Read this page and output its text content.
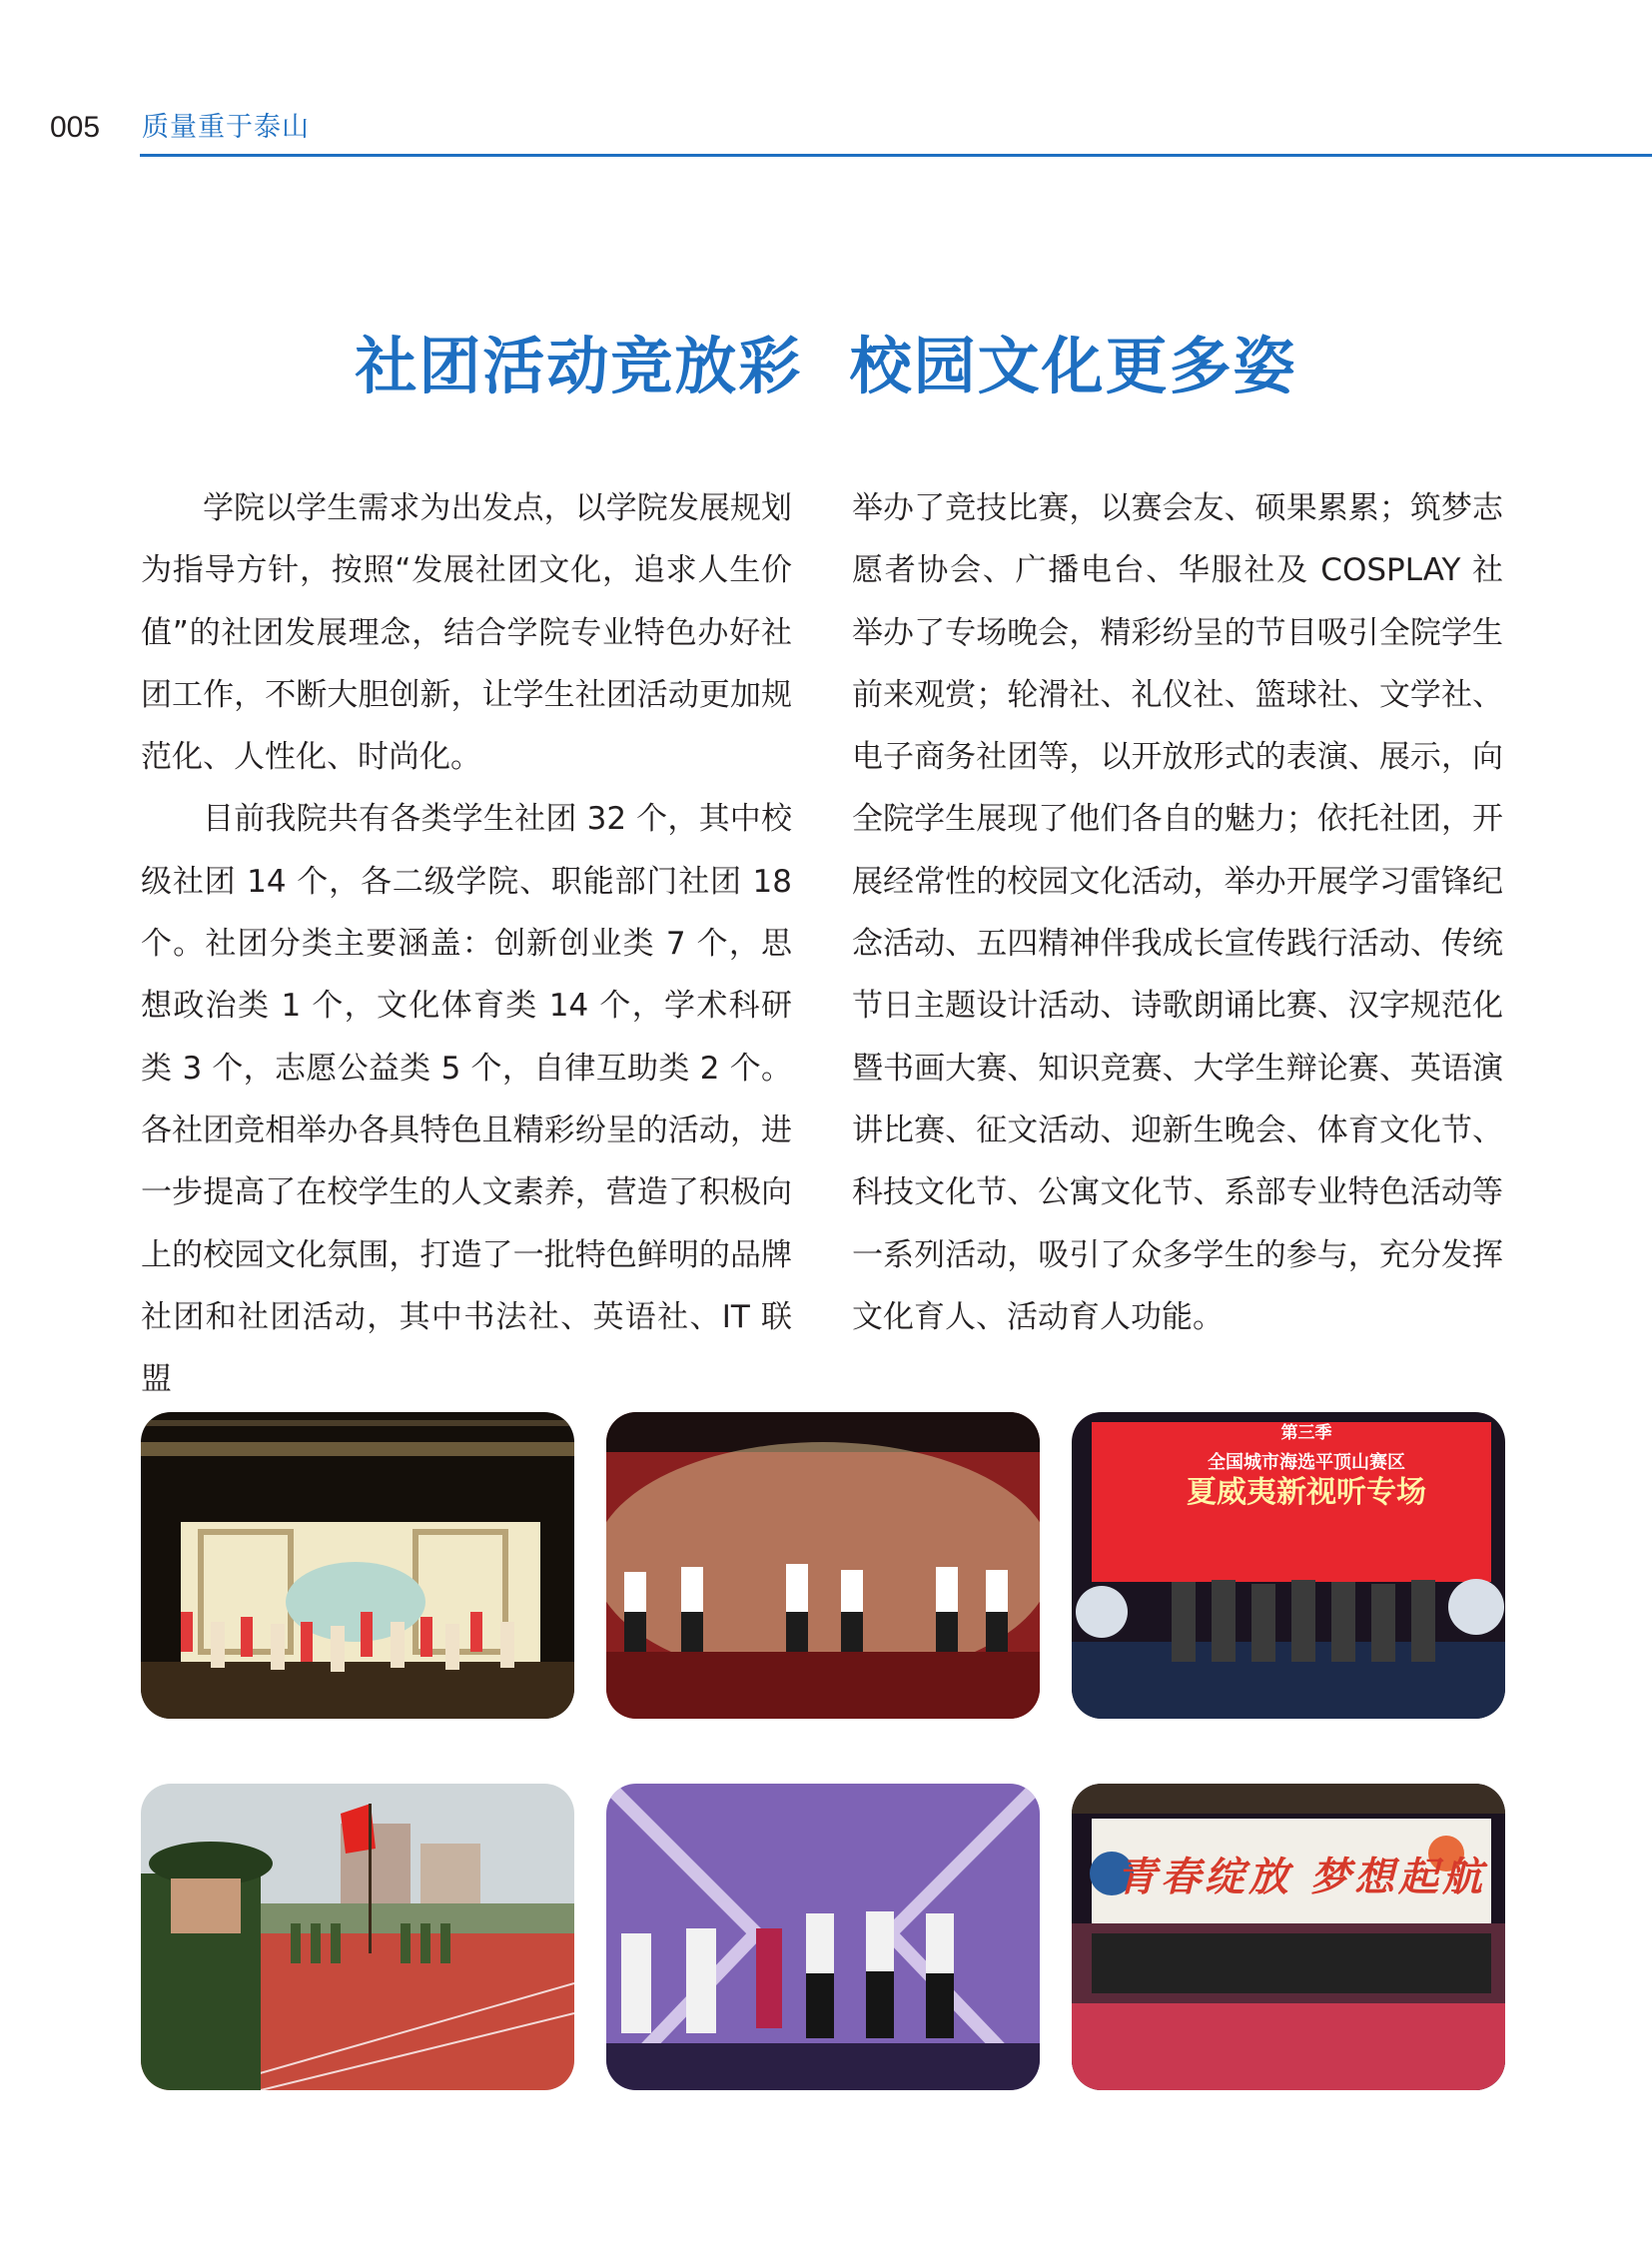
005 质量重于泰山
社团活动竞放彩  校园文化更多姿

学院以学生需求为出发点，以学院发展规划为指导方针，按照“发展社团文化，追求人生价值”的社团发展理念，结合学院专业特色办好社团工作，不断大胆创新，让学生社团活动更加规范化、人性化、时尚化。

目前我院共有各类学生社团 32 个，其中校级社团 14 个，各二级学院、职能部门社团 18 个。社团分类主要涵盖：创新创业类 7 个，思想政治类 1 个，文化体育类 14 个，学术科研类 3 个，志愿公益类 5 个，自律互助类 2 个。各社团竞相举办各具特色且精彩纷呈的活动，进一步提高了在校学生的人文素养，营造了积极向上的校园文化氛围，打造了一批特色鲜明的品牌社团和社团活动，其中书法社、英语社、IT 联盟

举办了竞技比赛，以赛会友、硕果累累；筑梦志愿者协会、广播电台、华服社及 COSPLAY 社举办了专场晚会，精彩纷呈的节目吸引全院学生前来观赏；轮滑社、礼仪社、篮球社、文学社、电子商务社团等，以开放形式的表演、展示，向全院学生展现了他们各自的魅力；依托社团，开展经常性的校园文化活动，举办开展学习雷锋纪念活动、五四精神伴我成长宣传践行活动、传统节日主题设计活动、诗歌朗诵比赛、汉字规范化暨书画大赛、知识竞赛、大学生辩论赛、英语演讲比赛、征文活动、迎新生晚会、体育文化节、科技文化节、公寓文化节、系部专业特色活动等一系列活动，吸引了众多学生的参与，充分发挥文化育人、活动育人功能。

第三季
全国城市海选平顶山赛区
夏威夷新视听专场
青春绽放 梦想起航
